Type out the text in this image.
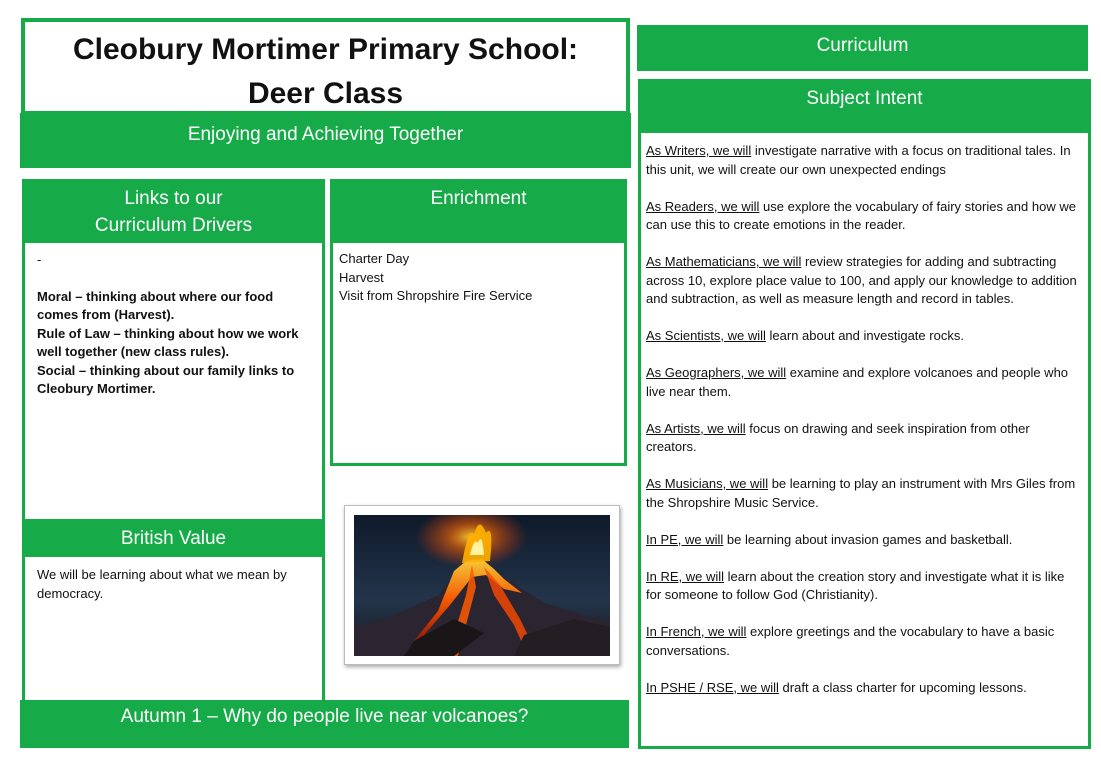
Cleobury Mortimer Primary School:
Deer Class
Enjoying and Achieving Together
Links to our
Curriculum Drivers
-
Moral – thinking about where our food comes from (Harvest).
Rule of Law – thinking about how we work well together (new class rules).
Social – thinking about our family links to Cleobury Mortimer.
British Value
We will be learning about what we mean by democracy.
Enrichment
Charter Day
Harvest
Visit from Shropshire Fire Service
Autumn 1 – Why do people live near volcanoes?
Curriculum
Subject Intent
As Writers, we will investigate narrative with a focus on traditional tales. In this unit, we will create our own unexpected endings
As Readers, we will use explore the vocabulary of fairy stories and how we can use this to create emotions in the reader.
As Mathematicians, we will review strategies for adding and subtracting across 10, explore place value to 100, and apply our knowledge to addition and subtraction, as well as measure length and record in tables.
As Scientists, we will learn about and investigate rocks.
As Geographers, we will examine and explore volcanoes and people who live near them.
As Artists, we will focus on drawing and seek inspiration from other creators.
As Musicians, we will be learning to play an instrument with Mrs Giles from the Shropshire Music Service.
In PE, we will be learning about invasion games and basketball.
In RE, we will learn about the creation story and investigate what it is like for someone to follow God (Christianity).
In French, we will explore greetings and the vocabulary to have a basic conversations.
In PSHE / RSE, we will draft a class charter for upcoming lessons.
